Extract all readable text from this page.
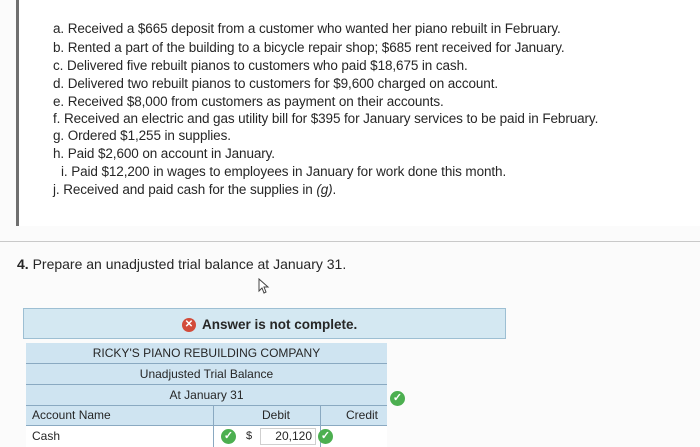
a. Received a $665 deposit from a customer who wanted her piano rebuilt in February.
b. Rented a part of the building to a bicycle repair shop; $685 rent received for January.
c. Delivered five rebuilt pianos to customers who paid $18,675 in cash.
d. Delivered two rebuilt pianos to customers for $9,600 charged on account.
e. Received $8,000 from customers as payment on their accounts.
f. Received an electric and gas utility bill for $395 for January services to be paid in February.
g. Ordered $1,255 in supplies.
h. Paid $2,600 on account in January.
i. Paid $12,200 in wages to employees in January for work done this month.
j. Received and paid cash for the supplies in (g).
4. Prepare an unadjusted trial balance at January 31.
✕ Answer is not complete.
RICKY'S PIANO REBUILDING COMPANY
Unadjusted Trial Balance
At January 31
Account Name	Debit	Credit
✓
Cash	✓ $	20,120 ✓
